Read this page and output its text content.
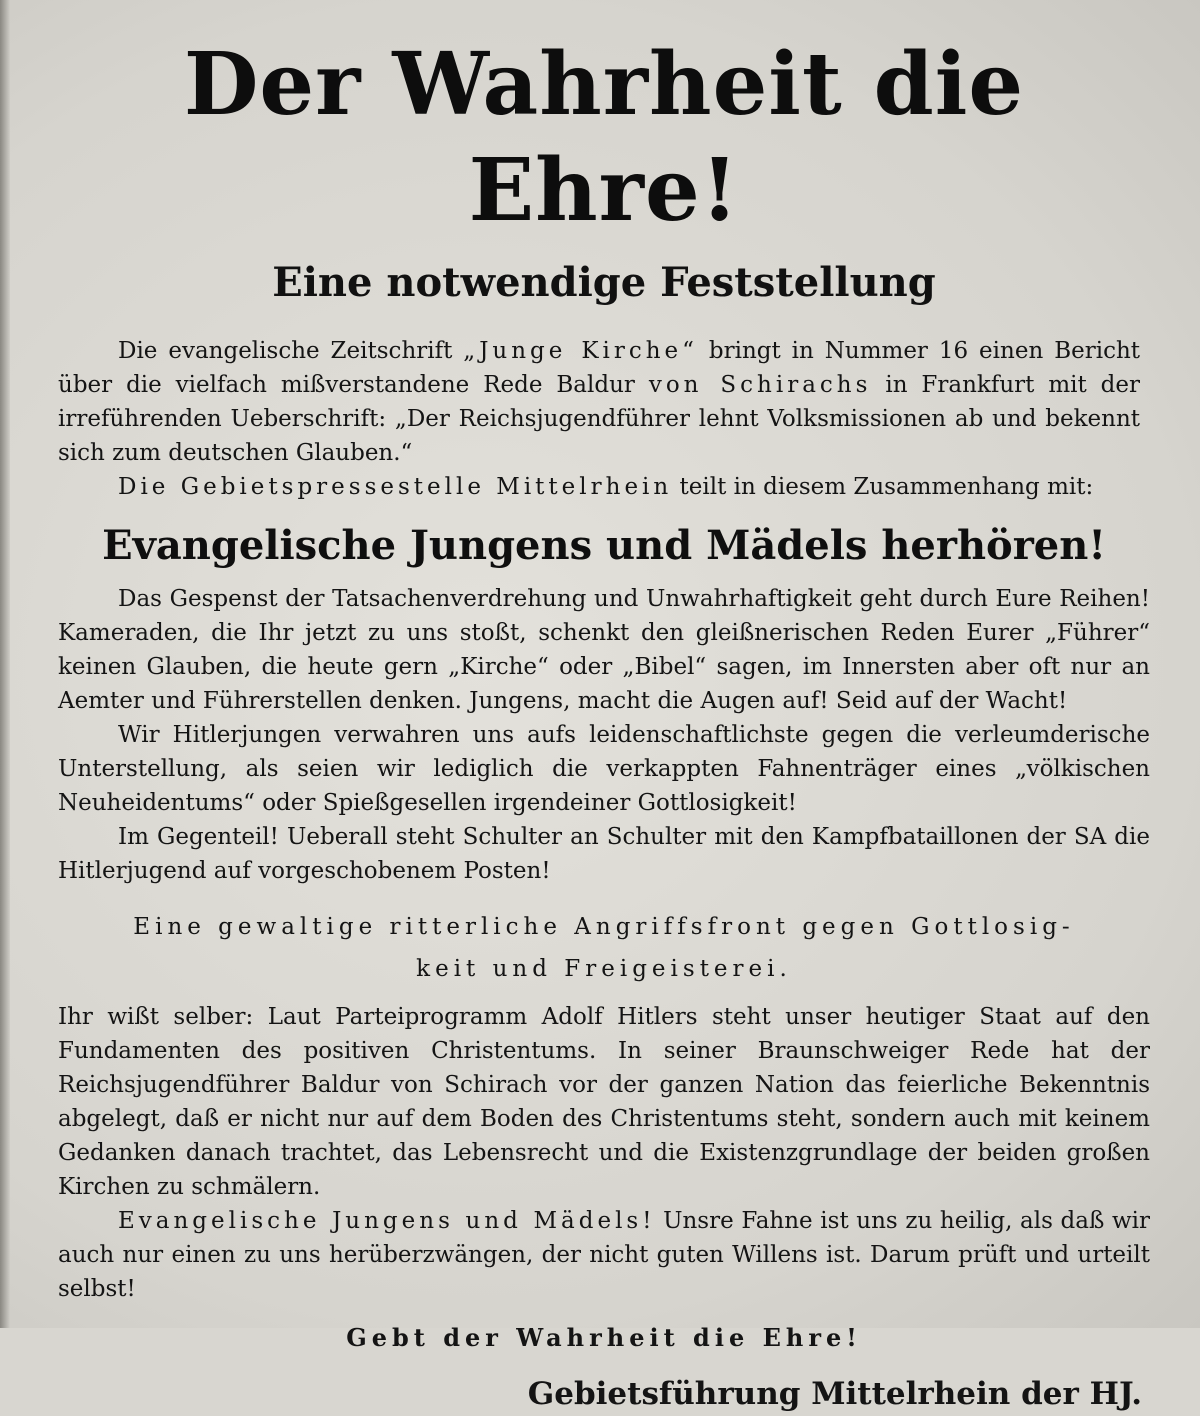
Der Wahrheit die Ehre!
Eine notwendige Feststellung

Die evangelische Zeitschrift „Junge Kirche“ bringt in Nummer 16 einen Bericht über die vielfach mißverstandene Rede Baldur von Schirachs in Frankfurt mit der irreführenden Ueberschrift: „Der Reichsjugendführer lehnt Volksmissionen ab und bekennt sich zum deutschen Glauben.“

Die Gebietspressestelle Mittelrhein teilt in diesem Zusammenhang mit:

Evangelische Jungens und Mädels herhören!

Das Gespenst der Tatsachenverdrehung und Unwahrhaftigkeit geht durch Eure Reihen! Kameraden, die Ihr jetzt zu uns stoßt, schenkt den gleißnerischen Reden Eurer „Führer“ keinen Glauben, die heute gern „Kirche“ oder „Bibel“ sagen, im Innersten aber oft nur an Aemter und Führerstellen denken. Jungens, macht die Augen auf! Seid auf der Wacht!

Wir Hitlerjungen verwahren uns aufs leidenschaftlichste gegen die verleumderische Unterstellung, als seien wir lediglich die verkappten Fahnenträger eines „völkischen Neuheidentums“ oder Spießgesellen irgendeiner Gottlosigkeit!

Im Gegenteil! Ueberall steht Schulter an Schulter mit den Kampfbataillonen der SA die Hitlerjugend auf vorgeschobenem Posten!

Eine gewaltige ritterliche Angriffsfront gegen Gottlosig-

keit und Freigeisterei.

Ihr wißt selber: Laut Parteiprogramm Adolf Hitlers steht unser heutiger Staat auf den Fundamenten des positiven Christentums. In seiner Braunschweiger Rede hat der Reichsjugendführer Baldur von Schirach vor der ganzen Nation das feierliche Bekenntnis abgelegt, daß er nicht nur auf dem Boden des Christentums steht, sondern auch mit keinem Gedanken danach trachtet, das Lebensrecht und die Existenzgrundlage der beiden großen Kirchen zu schmälern.

Evangelische Jungens und Mädels! Unsre Fahne ist uns zu heilig, als daß wir auch nur einen zu uns herüberzwängen, der nicht guten Willens ist. Darum prüft und urteilt selbst!

Gebt der Wahrheit die Ehre!

Gebietsführung Mittelrhein der HJ.
